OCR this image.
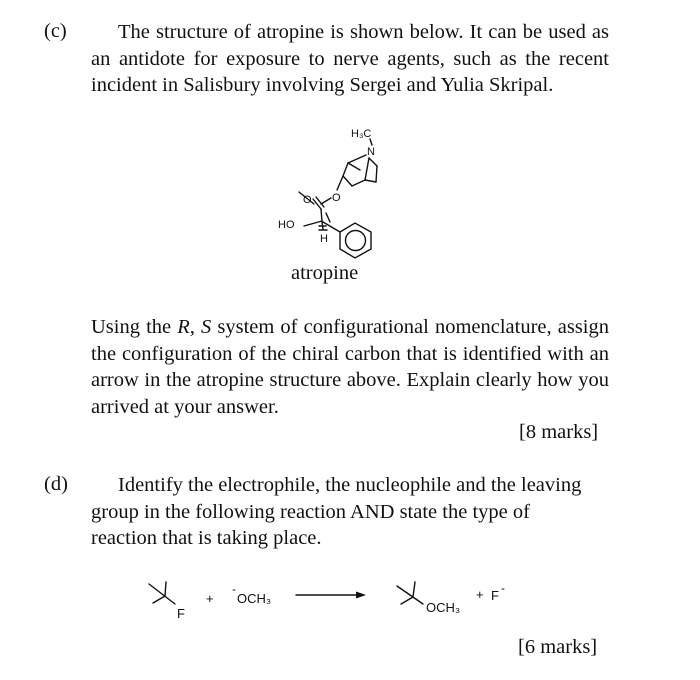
(c)	The structure of atropine is shown below. It can be used as an antidote for exposure to nerve agents, such as the recent incident in Salisbury involving Sergei and Yulia Skripal.

H₃C
N
O
O
HO
H
atropine

Using the R, S system of configurational nomenclature, assign the configuration of the chiral carbon that is identified with an arrow in the atropine structure above. Explain clearly how you arrived at your answer.

[8 marks]
(d)	Identify the electrophile, the nucleophile and the leaving group in the following reaction AND state the type of reaction that is taking place.

F
+
-
OCH₃
OCH₃
+ F -
[6 marks]
